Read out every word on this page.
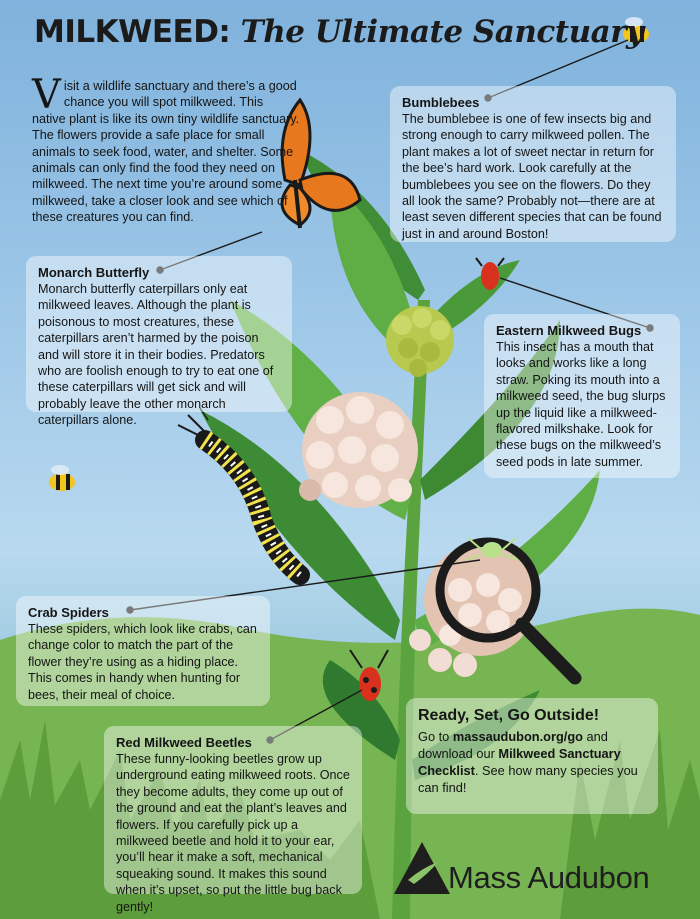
MILKWEED: The Ultimate Sanctuary

Visit a wildlife sanctuary and there’s a good chance you will spot milkweed. This native plant is like its own tiny wildlife sanctuary. The flowers provide a safe place for small animals to seek food, water, and shelter. Some animals can only find the food they need on milkweed. The next time you’re around some milkweed, take a closer look and see which of these creatures you can find.

Bumblebees

The bumblebee is one of few insects big and strong enough to carry milkweed pollen. The plant makes a lot of sweet nectar in return for the bee’s hard work. Look carefully at the bumblebees you see on the flowers. Do they all look the same? Probably not—there are at least seven different species that can be found just in and around Boston!

Monarch Butterfly

Monarch butterfly caterpillars only eat milkweed leaves. Although the plant is poisonous to most creatures, these caterpillars aren’t harmed by the poison and will store it in their bodies. Predators who are foolish enough to try to eat one of these caterpillars will get sick and will probably leave the other monarch caterpillars alone.

Eastern Milkweed Bugs

This insect has a mouth that looks and works like a long straw. Poking its mouth into a milkweed seed, the bug slurps up the liquid like a milkweed-flavored milkshake. Look for these bugs on the milkweed’s seed pods in late summer.

Crab Spiders

These spiders, which look like crabs, can change color to match the part of the flower they’re using as a hiding place. This comes in handy when hunting for bees, their meal of choice.

Red Milkweed Beetles

These funny-looking beetles grow up underground eating milkweed roots. Once they become adults, they come up out of the ground and eat the plant’s leaves and flowers. If you carefully pick up a milkweed beetle and hold it to your ear, you’ll hear it make a soft, mechanical squeaking sound. It makes this sound when it’s upset, so put the little bug back gently!

Ready, Set, Go Outside!

Go to massaudubon.org/go and download our Milkweed Sanctuary Checklist. See how many species you can find!

Mass Audubon
